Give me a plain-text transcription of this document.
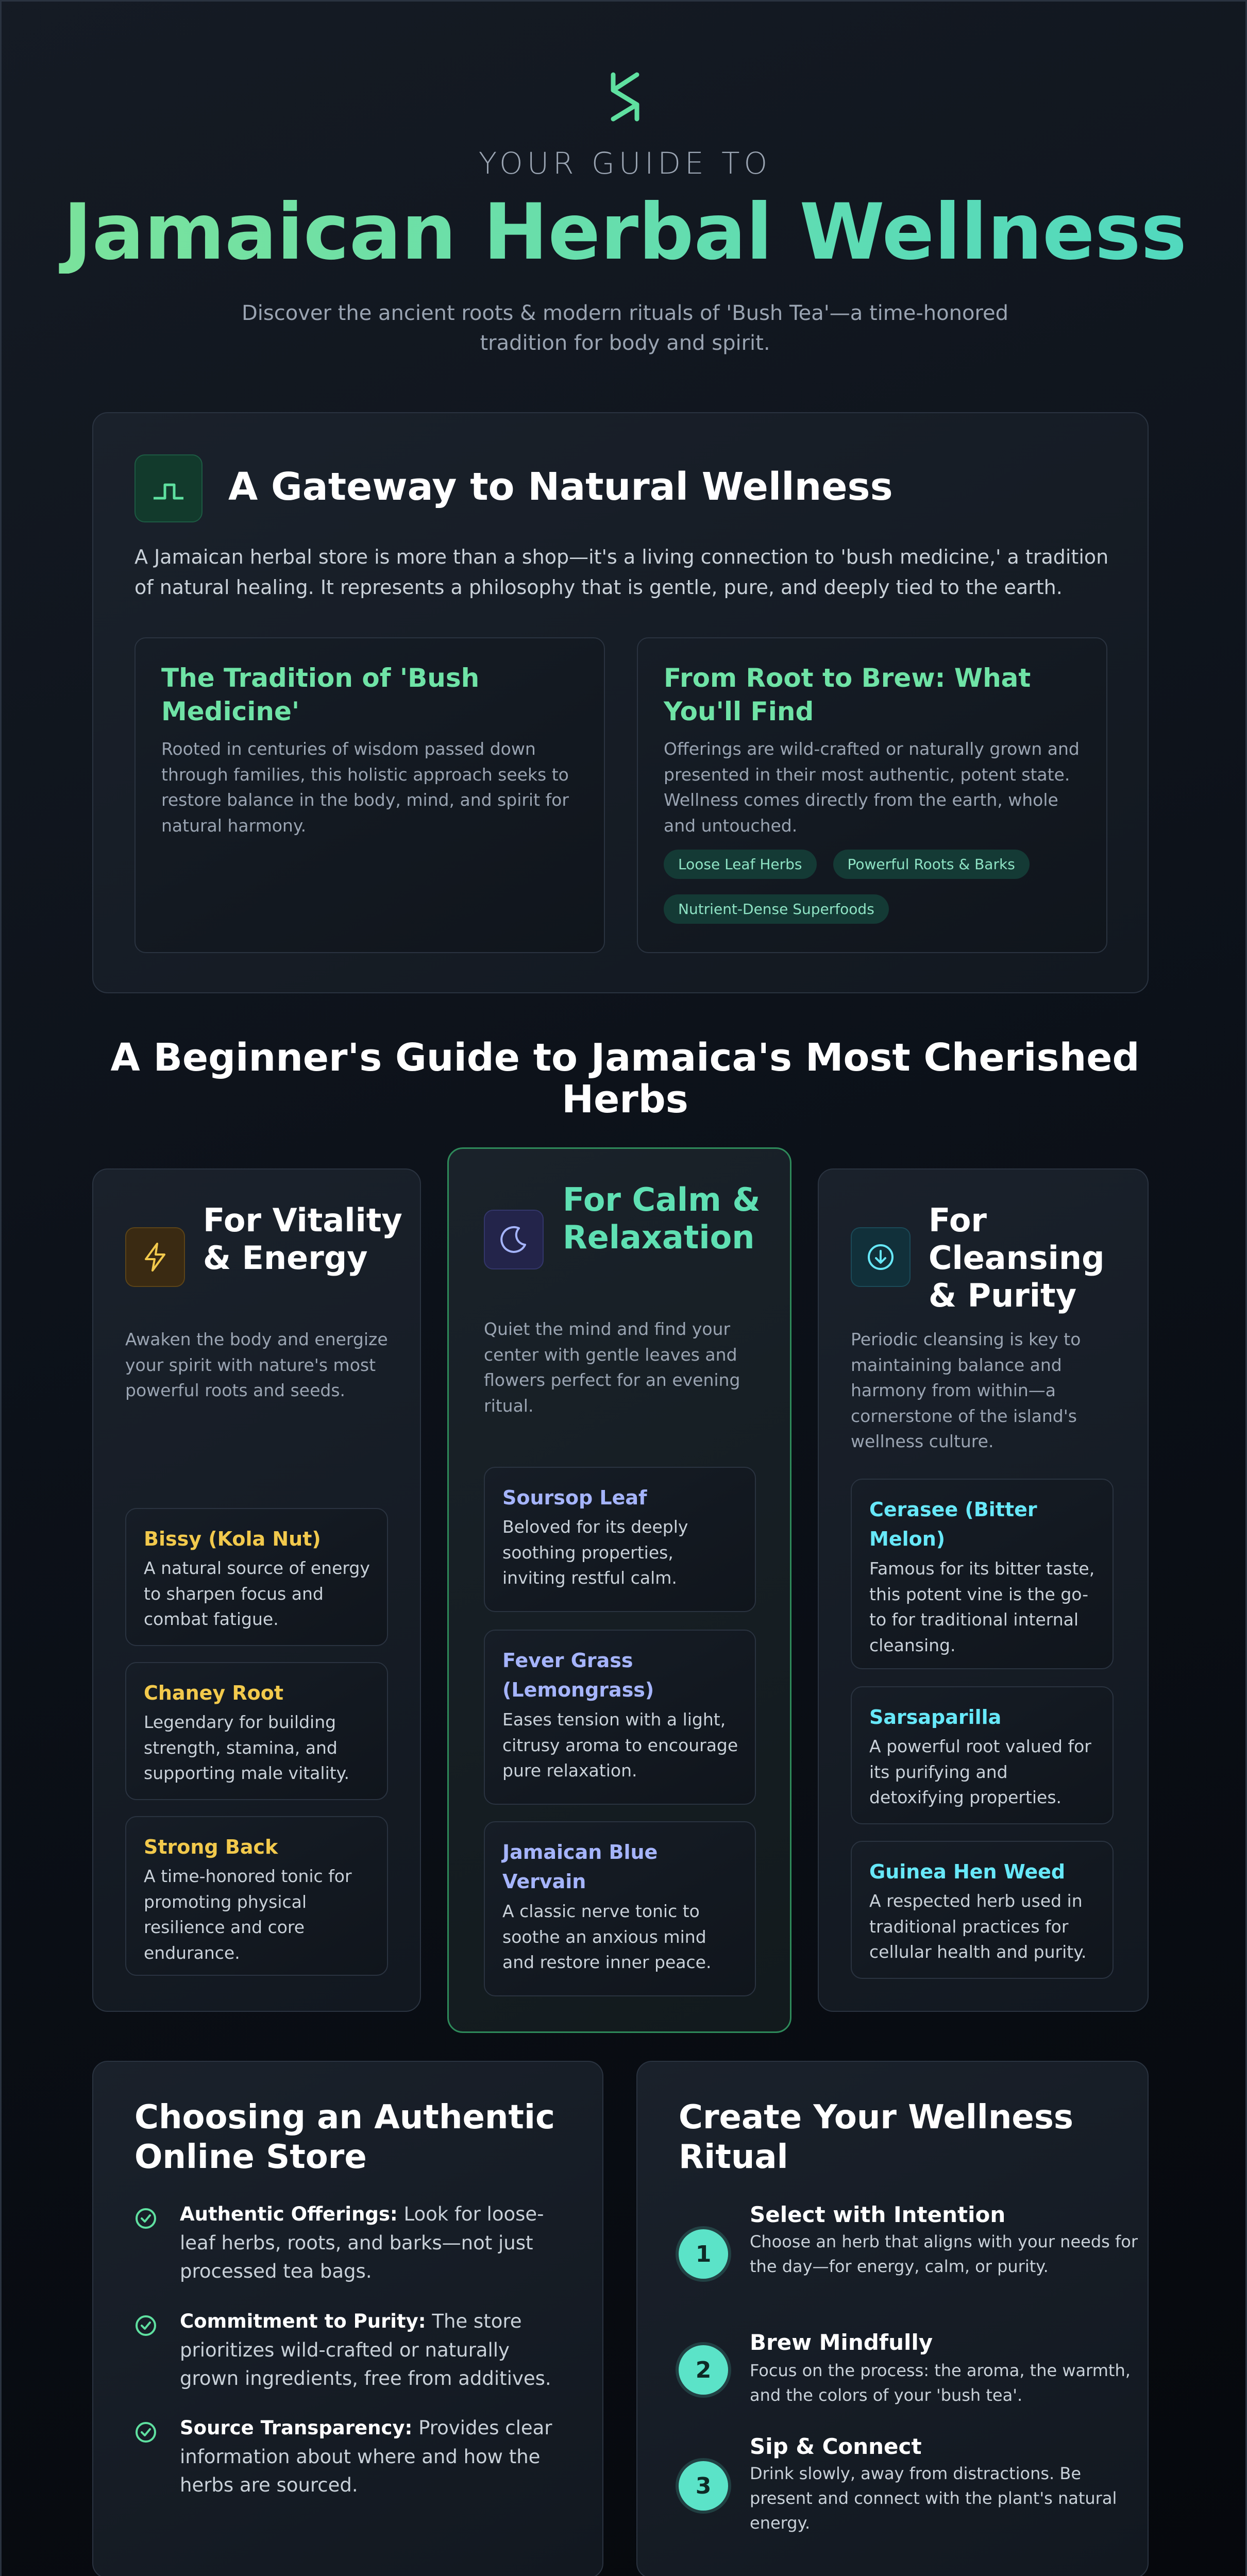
YOUR GUIDE TO
Jamaican Herbal Wellness
Discover the ancient roots & modern rituals of 'Bush Tea'—a time-honored tradition for body and spirit.
A Gateway to Natural Wellness
A Jamaican herbal store is more than a shop—it's a living connection to 'bush medicine,' a tradition of natural healing. It represents a philosophy that is gentle, pure, and deeply tied to the earth.
The Tradition of 'Bush Medicine'
Rooted in centuries of wisdom passed down through families, this holistic approach seeks to restore balance in the body, mind, and spirit for natural harmony.
From Root to Brew: What You'll Find
Offerings are wild-crafted or naturally grown and presented in their most authentic, potent state. Wellness comes directly from the earth, whole and untouched.
Loose Leaf Herbs	Powerful Roots & Barks
Nutrient-Dense Superfoods
A Beginner's Guide to Jamaica's Most Cherished Herbs
For Vitality & Energy
Awaken the body and energize your spirit with nature's most powerful roots and seeds.
Bissy (Kola Nut)
A natural source of energy to sharpen focus and combat fatigue.
Chaney Root
Legendary for building strength, stamina, and supporting male vitality.
Strong Back
A time-honored tonic for promoting physical resilience and core endurance.
For Calm & Relaxation
Quiet the mind and find your center with gentle leaves and flowers perfect for an evening ritual.
Soursop Leaf
Beloved for its deeply soothing properties, inviting restful calm.
Fever Grass (Lemongrass)
Eases tension with a light, citrusy aroma to encourage pure relaxation.
Jamaican Blue Vervain
A classic nerve tonic to soothe an anxious mind and restore inner peace.
For Cleansing & Purity
Periodic cleansing is key to maintaining balance and harmony from within—a cornerstone of the island's wellness culture.
Cerasee (Bitter Melon)
Famous for its bitter taste, this potent vine is the go-to for traditional internal cleansing.
Sarsaparilla
A powerful root valued for its purifying and detoxifying properties.
Guinea Hen Weed
A respected herb used in traditional practices for cellular health and purity.
Choosing an Authentic Online Store
Authentic Offerings: Look for loose-leaf herbs, roots, and barks—not just processed tea bags.
Commitment to Purity: The store prioritizes wild-crafted or naturally grown ingredients, free from additives.
Source Transparency: Provides clear information about where and how the herbs are sourced.
Create Your Wellness Ritual
1
Select with Intention
Choose an herb that aligns with your needs for the day—for energy, calm, or purity.
2
Brew Mindfully
Focus on the process: the aroma, the warmth, and the colors of your 'bush tea'.
3
Sip & Connect
Drink slowly, away from distractions. Be present and connect with the plant's natural energy.
